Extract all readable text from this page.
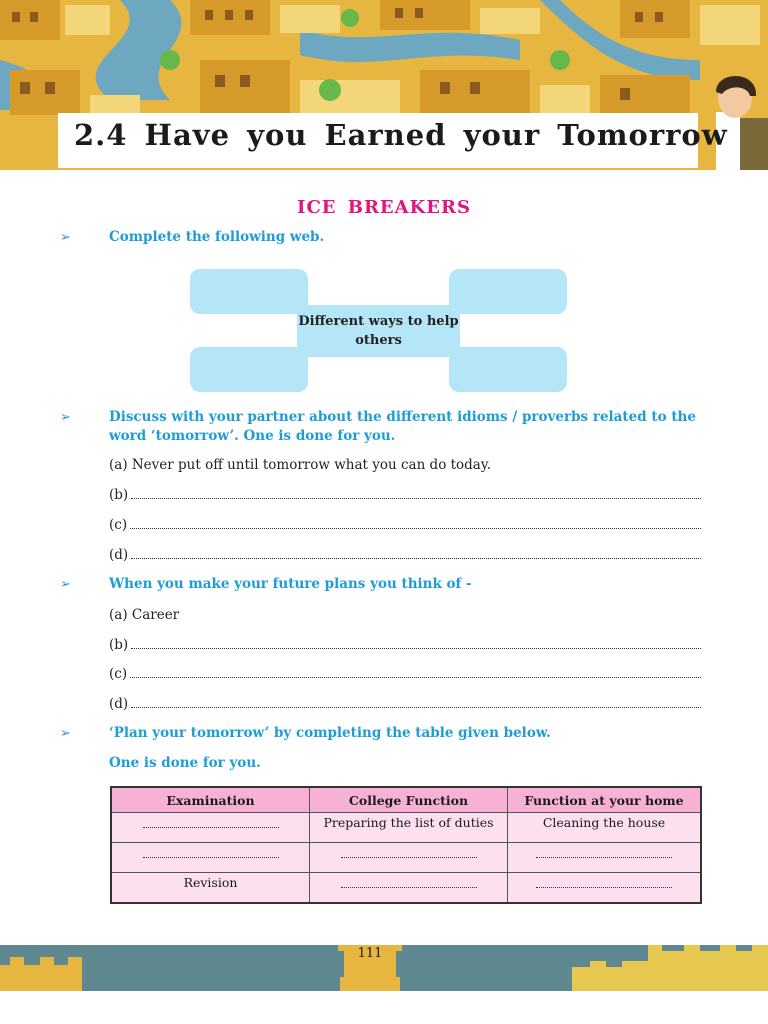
2.4 Have you Earned your Tomorrow
ICE BREAKERS
➢	Complete the following web.
Different ways to help others
➢	Discuss with your partner about the different idioms / proverbs related to the word ‘tomorrow’. One is done for you.
(a) Never put off until tomorrow what you can do today.
(b)
(c)
(d)
➢	When you make your future plans you think of -
(a) Career
(b)
(c)
(d)
➢	‘Plan your tomorrow’ by completing the table given below.
One is done for you.
Examination	College Function	Function at your home
	Preparing the list of duties	Cleaning the house

Revision		
111
